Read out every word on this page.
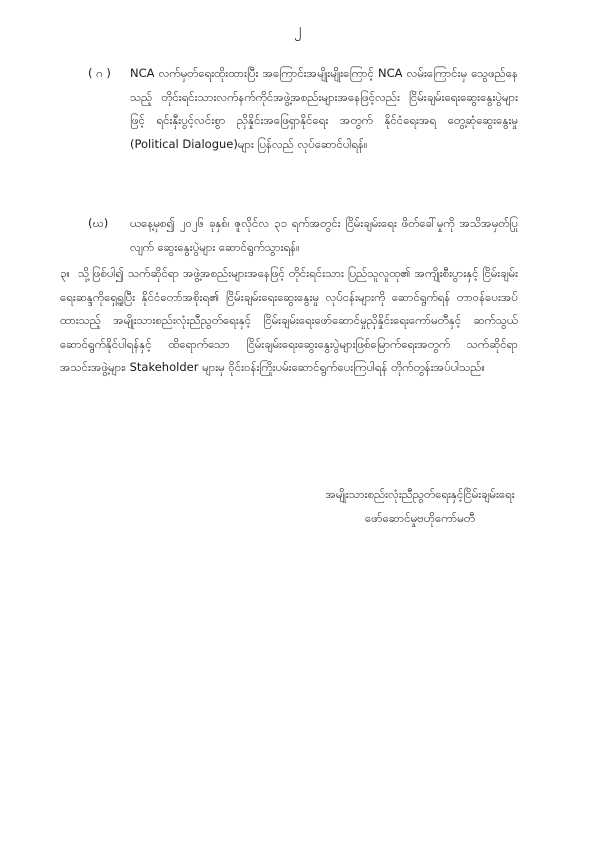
၂
( ဂ ) NCA လက်မှတ်ရေးထိုးထားပြီး အကြောင်းအမျိုးမျိုးကြောင့် NCA လမ်းကြောင်းမှ သွေဖည်နေသည့် တိုင်းရင်းသားလက်နက်ကိုင်အဖွဲ့အစည်းများအနေဖြင့်လည်း ငြိမ်းချမ်းရေးဆွေးနွေးပွဲများဖြင့် ရင်းနှီးပွင့်လင်းစွာ ညှိနှိုင်းအဖြေရှာနိုင်ရေး အတွက် နိုင်ငံရေးအရ တွေ့ဆုံဆွေးနွေးမှု (Political Dialogue)များ ပြန်လည် လုပ်ဆောင်ပါရန်။
(ဃ) ယနေ့မှစ၍ ၂၀၂၆ ခုနှစ်၊ ဇူလိုင်လ ၃၁ ရက်အတွင်း ငြိမ်းချမ်းရေး ဖိတ်ခေါ်မှုကို အသိအမှတ်ပြုလျက် ဆွေးနွေးပွဲများ ဆောင်ရွက်သွားရန်။
၃။ သို့ဖြစ်ပါ၍ သက်ဆိုင်ရာ အဖွဲ့အစည်းများအနေဖြင့် တိုင်းရင်းသား ပြည်သူလူထု၏ အကျိုးစီးပွားနှင့် ငြိမ်းချမ်းရေးဆန္ဒကိုရှေ့ရှုပြီး နိုင်ငံတော်အစိုးရ၏ ငြိမ်းချမ်းရေးဆွေးနွေးမှု လုပ်ငန်းများကို ဆောင်ရွက်ရန် တာဝန်ပေးအပ်ထားသည့် အမျိုးသားစည်းလုံးညီညွတ်ရေးနှင့် ငြိမ်းချမ်းရေးဖော်ဆောင်မှုညှိနှိုင်းရေးကော်မတီနှင့် ဆက်သွယ်ဆောင်ရွက်နိုင်ပါရန်နှင့် ထိရောက်သော ငြိမ်းချမ်းရေးဆွေးနွေးပွဲများဖြစ်မြောက်ရေးအတွက် သက်ဆိုင်ရာ အသင်းအဖွဲ့များ၊ Stakeholder များမှ ဝိုင်းဝန်းကြိုးပမ်းဆောင်ရွက်ပေးကြပါရန် တိုက်တွန်းအပ်ပါသည်။
အမျိုးသားစည်းလုံးညီညွတ်ရေးနှင့်ငြိမ်းချမ်းရေး
ဖော်ဆောင်မှုဗဟိုကော်မတီ
